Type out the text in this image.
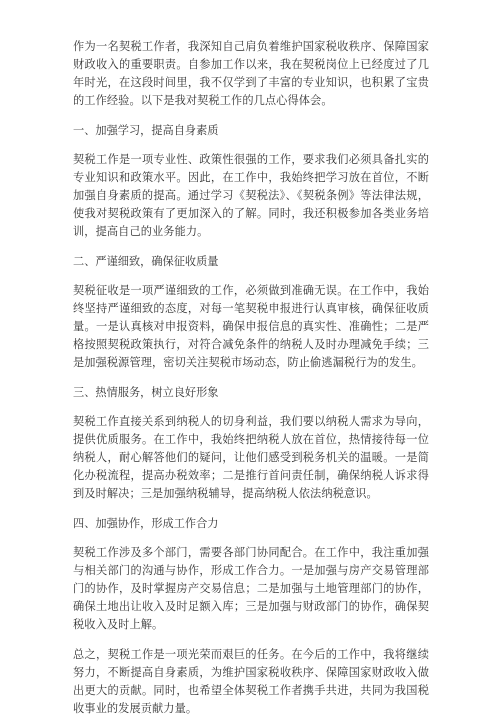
作为一名契税工作者，我深知自己肩负着维护国家税收秩序、保障国家财政收入的重要职责。自参加工作以来，我在契税岗位上已经度过了几年时光，在这段时间里，我不仅学到了丰富的专业知识，也积累了宝贵的工作经验。以下是我对契税工作的几点心得体会。

一、加强学习，提高自身素质

契税工作是一项专业性、政策性很强的工作，要求我们必须具备扎实的专业知识和政策水平。因此，在工作中，我始终把学习放在首位，不断加强自身素质的提高。通过学习《契税法》、《契税条例》等法律法规，使我对契税政策有了更加深入的了解。同时，我还积极参加各类业务培训，提高自己的业务能力。

二、严谨细致，确保征收质量

契税征收是一项严谨细致的工作，必须做到准确无误。在工作中，我始终坚持严谨细致的态度，对每一笔契税申报进行认真审核，确保征收质量。一是认真核对申报资料，确保申报信息的真实性、准确性；二是严格按照契税政策执行，对符合减免条件的纳税人及时办理减免手续；三是加强税源管理，密切关注契税市场动态，防止偷逃漏税行为的发生。

三、热情服务，树立良好形象

契税工作直接关系到纳税人的切身利益，我们要以纳税人需求为导向，提供优质服务。在工作中，我始终把纳税人放在首位，热情接待每一位纳税人，耐心解答他们的疑问，让他们感受到税务机关的温暖。一是简化办税流程，提高办税效率；二是推行首问责任制，确保纳税人诉求得到及时解决；三是加强纳税辅导，提高纳税人依法纳税意识。

四、加强协作，形成工作合力

契税工作涉及多个部门，需要各部门协同配合。在工作中，我注重加强与相关部门的沟通与协作，形成工作合力。一是加强与房产交易管理部门的协作，及时掌握房产交易信息；二是加强与土地管理部门的协作，确保土地出让收入及时足额入库；三是加强与财政部门的协作，确保契税收入及时上解。

总之，契税工作是一项光荣而艰巨的任务。在今后的工作中，我将继续努力，不断提高自身素质，为维护国家税收秩序、保障国家财政收入做出更大的贡献。同时，也希望全体契税工作者携手共进，共同为我国税收事业的发展贡献力量。
